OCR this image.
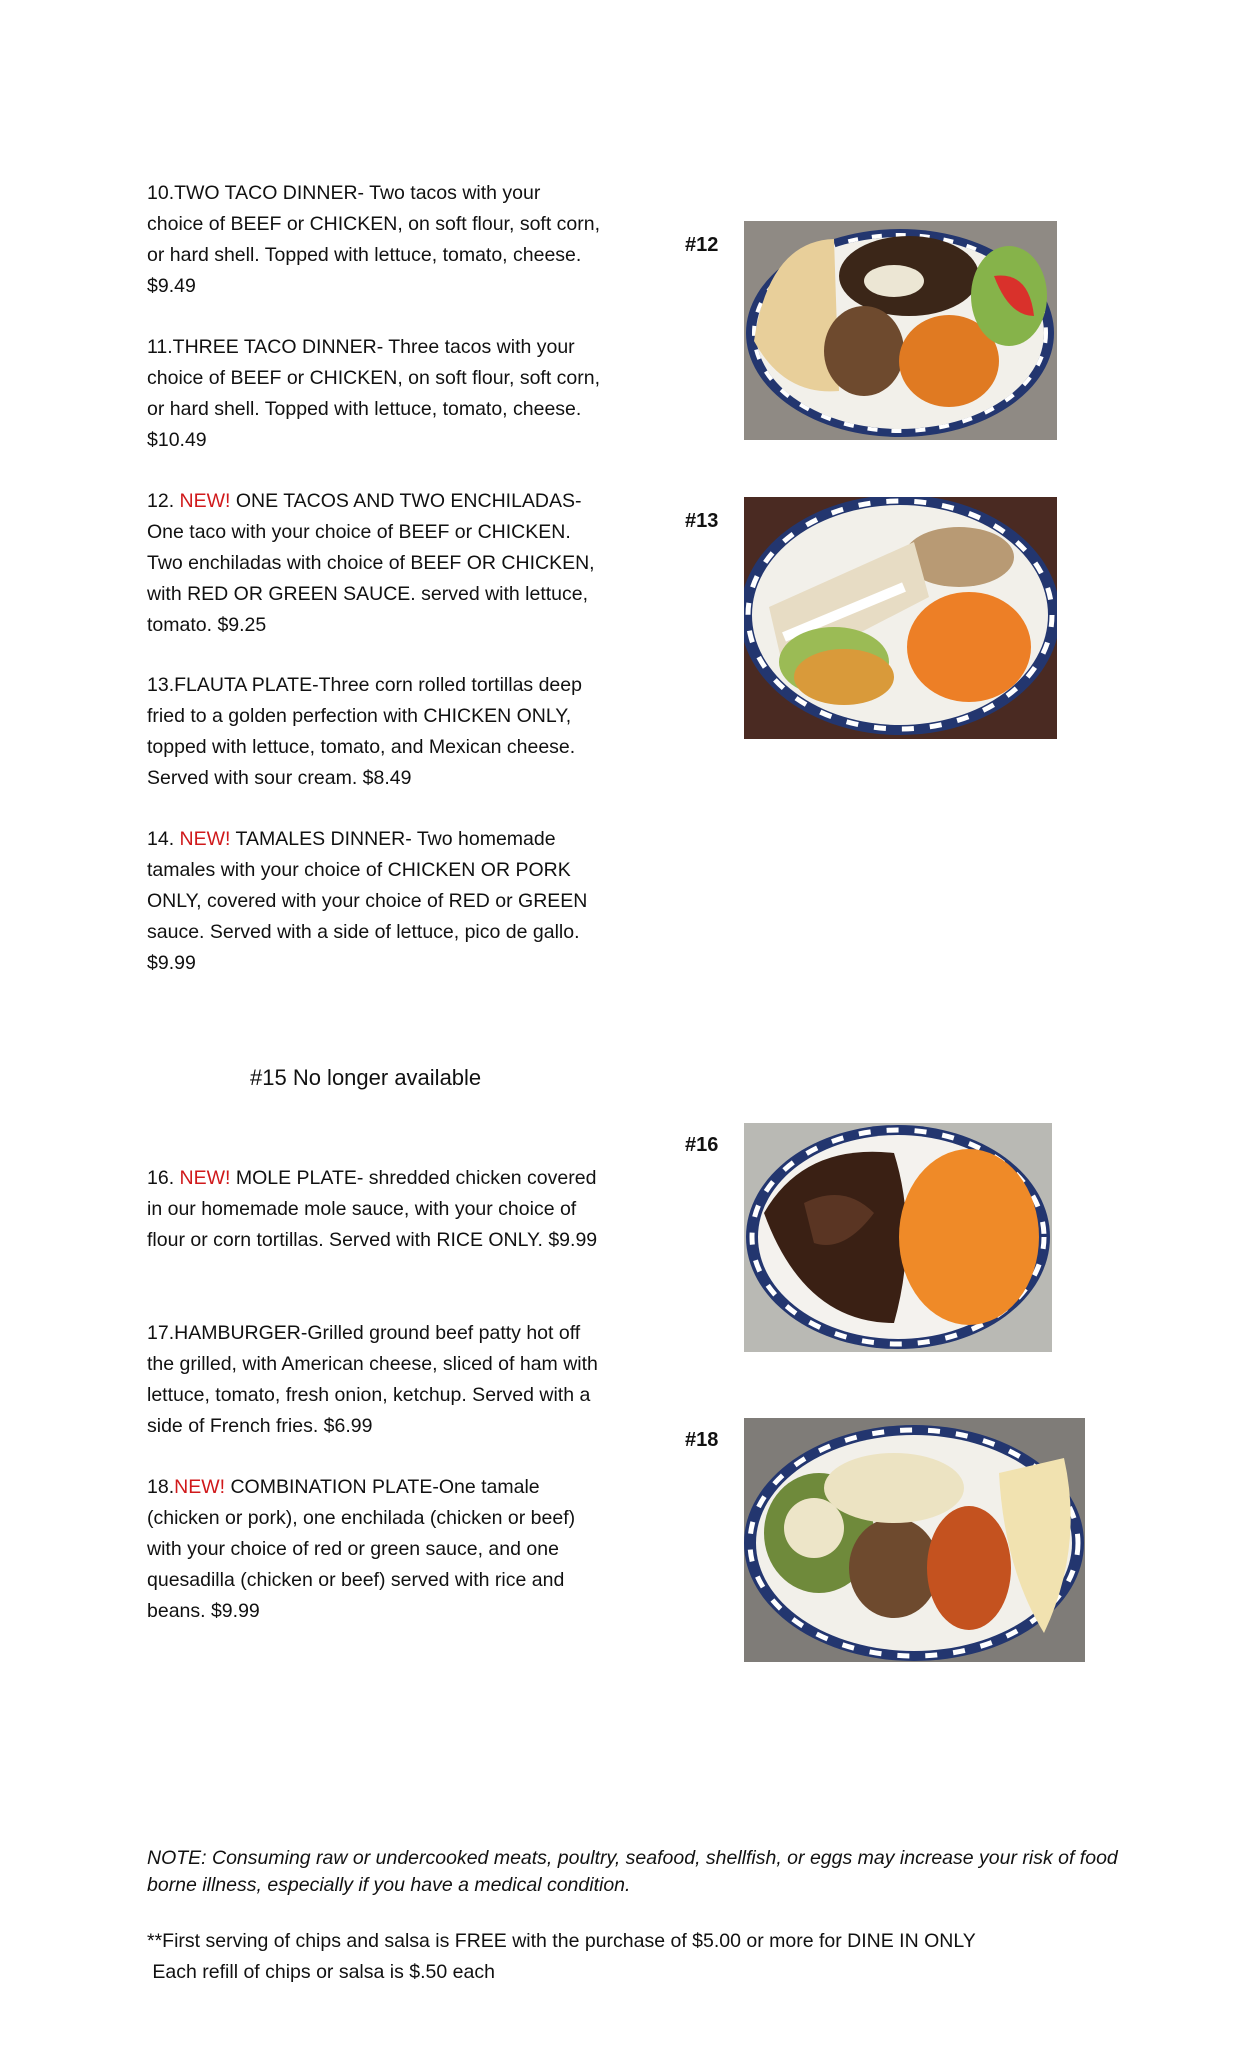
10.TWO TACO DINNER- Two tacos with your choice of BEEF or CHICKEN, on soft flour, soft corn, or hard shell. Topped with lettuce, tomato, cheese. $9.49

11.THREE TACO DINNER- Three tacos with your choice of BEEF or CHICKEN, on soft flour, soft corn, or hard shell. Topped with lettuce, tomato, cheese. $10.49

12. NEW! ONE TACOS AND TWO ENCHILADAS- One taco with your choice of BEEF or CHICKEN. Two enchiladas with choice of BEEF OR CHICKEN, with RED OR GREEN SAUCE. served with lettuce, tomato. $9.25

13.FLAUTA PLATE-Three corn rolled tortillas deep fried to a golden perfection with CHICKEN ONLY, topped with lettuce, tomato, and Mexican cheese. Served with sour cream. $8.49

14. NEW! TAMALES DINNER- Two homemade tamales with your choice of CHICKEN OR PORK ONLY, covered with your choice of RED or GREEN sauce. Served with a side of lettuce, pico de gallo. $9.99

#15 No longer available

16. NEW! MOLE PLATE- shredded chicken covered in our homemade mole sauce, with your choice of flour or corn tortillas. Served with RICE ONLY. $9.99

17.HAMBURGER-Grilled ground beef patty hot off the grilled, with American cheese, sliced of ham with lettuce, tomato, fresh onion, ketchup. Served with a side of French fries. $6.99

18.NEW! COMBINATION PLATE-One tamale (chicken or pork), one enchilada (chicken or beef) with your choice of red or green sauce, and one quesadilla (chicken or beef) served with rice and beans. $9.99

#12
#13
#16
#18

NOTE: Consuming raw or undercooked meats, poultry, seafood, shellfish, or eggs may increase your risk of food borne illness, especially if you have a medical condition.

**First serving of chips and salsa is FREE with the purchase of $5.00 or more for DINE IN ONLY
Each refill of chips or salsa is $.50 each
